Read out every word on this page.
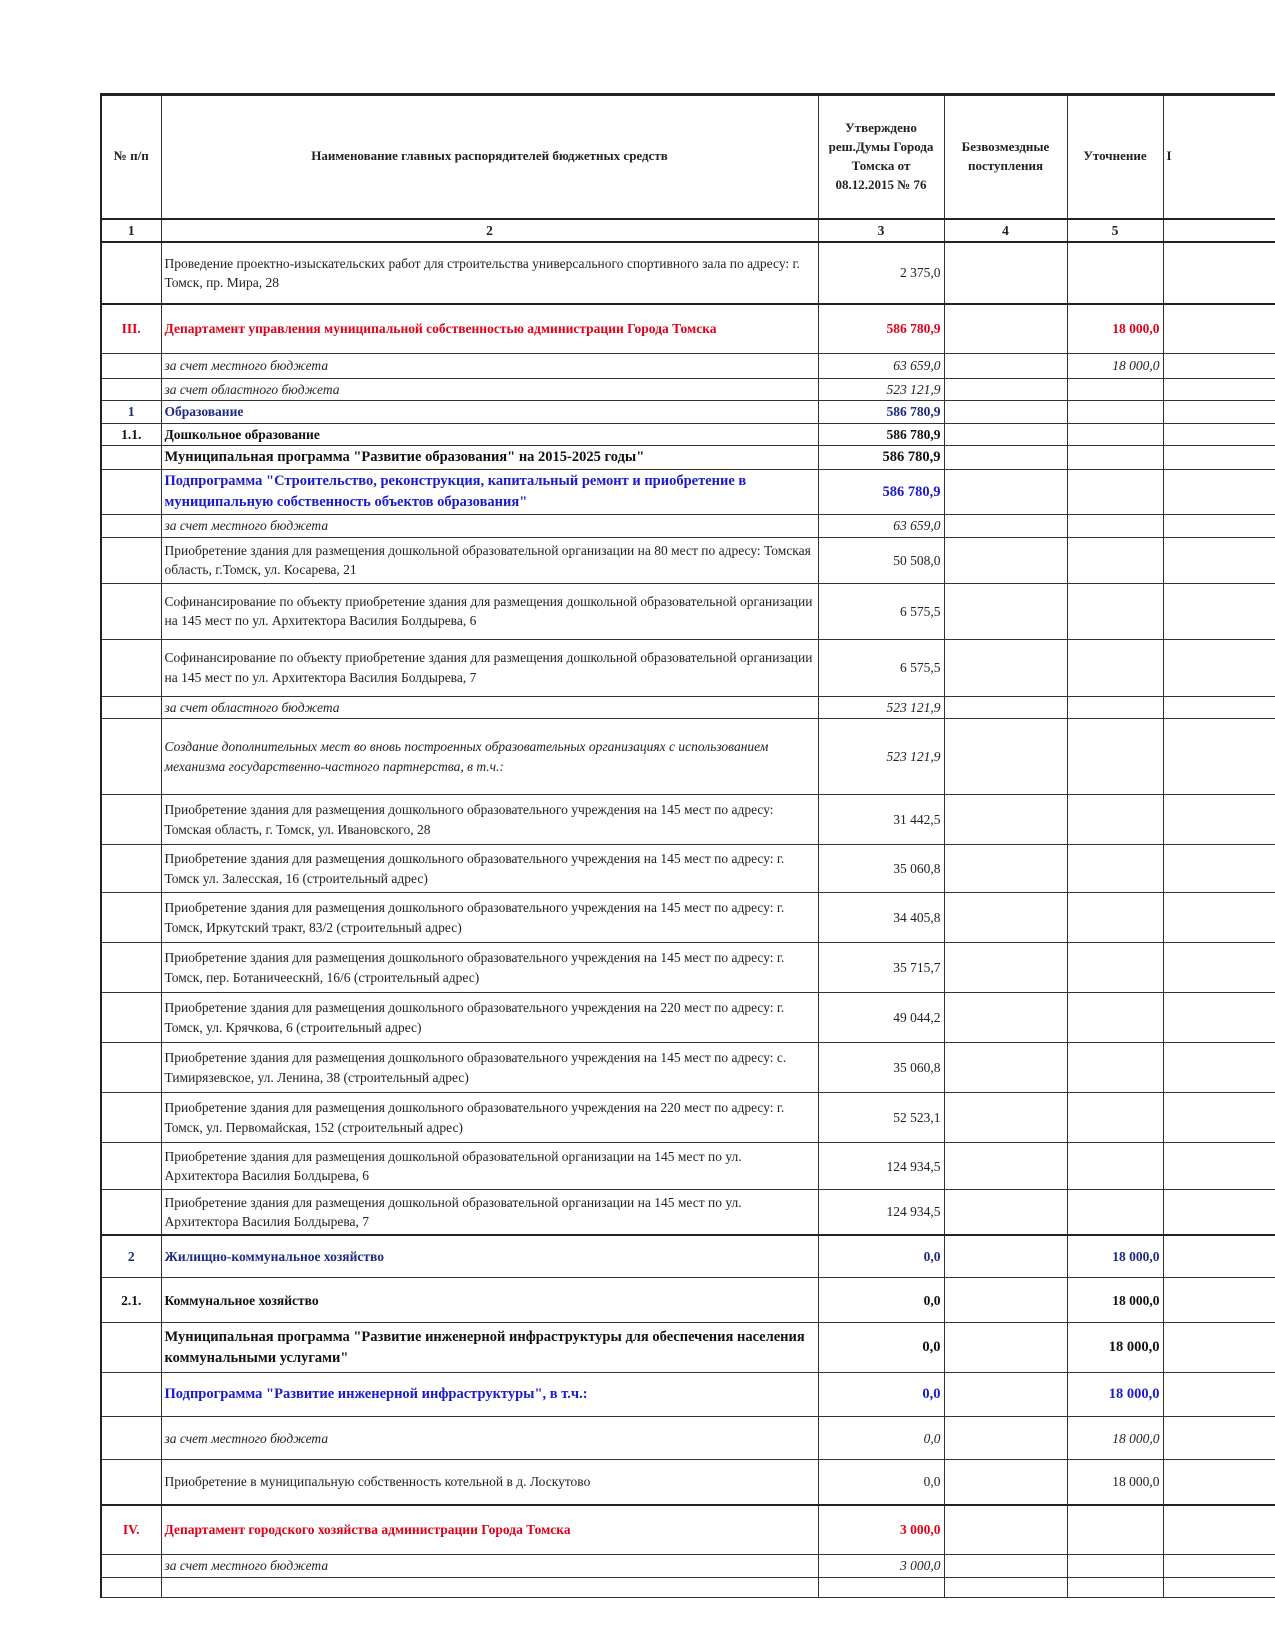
№ п/п	Наименование главных распорядителей бюджетных средств	Утверждено реш.Думы Города Томска от 08.12.2015 № 76	Безвозмездные поступления	Уточнение	I
1	2	3	4	5	
	Проведение проектно-изыскательских работ для строительства универсального спортивного зала по адресу: г. Томск, пр. Мира, 28	2 375,0			
III.	Департамент управления муниципальной собственностью администрации Города Томска	586 780,9		18 000,0	
	за счет местного бюджета	63 659,0		18 000,0	
	за счет областного бюджета	523 121,9			
1	Образование	586 780,9			
1.1.	Дошкольное образование	586 780,9			
	Муниципальная программа "Развитие образования" на 2015-2025 годы"	586 780,9			
	Подпрограмма "Строительство, реконструкция, капитальный ремонт и приобретение в муниципальную собственность объектов образования"	586 780,9			
	за счет местного бюджета	63 659,0			
	Приобретение здания для размещения дошкольной образовательной организации на 80 мест по адресу: Томская область, г.Томск, ул. Косарева, 21	50 508,0			
	Софинансирование по объекту приобретение здания для размещения дошкольной образовательной организации на 145 мест по ул. Архитектора Василия Болдырева, 6	6 575,5			
	Софинансирование по объекту приобретение здания для размещения дошкольной образовательной организации на 145 мест по ул. Архитектора Василия Болдырева, 7	6 575,5			
	за счет областного бюджета	523 121,9			
	Создание дополнительных мест во вновь построенных образовательных организациях с использованием механизма государственно-частного партнерства, в т.ч.:	523 121,9			
	Приобретение здания для размещения дошкольного образовательного учреждения на 145 мест по адресу: Томская область, г. Томск, ул. Ивановского, 28	31 442,5			
	Приобретение здания для размещения дошкольного образовательного учреждения на 145 мест по адресу: г. Томск ул. Залесская, 16 (строительный адрес)	35 060,8			
	Приобретение здания для размещения дошкольного образовательного учреждения на 145 мест по адресу: г. Томск, Иркутский тракт, 83/2 (строительный адрес)	34 405,8			
	Приобретение здания для размещения дошкольного образовательного учреждения на 145 мест по адресу: г. Томск, пер. Ботаничеескнй, 16/6 (строительный адрес)	35 715,7			
	Приобретение здания для размещения дошкольного образовательного учреждения на 220 мест по адресу: г. Томск, ул. Крячкова, 6 (строительный адрес)	49 044,2			
	Приобретение здания для размещения дошкольного образовательного учреждения на 145 мест по адресу: с. Тимирязевское, ул. Ленина, 38 (строительный адрес)	35 060,8			
	Приобретение здания для размещения дошкольного образовательного учреждения на 220 мест по адресу: г. Томск, ул. Первомайская, 152 (строительный адрес)	52 523,1			
	Приобретение здания для размещения дошкольной образовательной организации на 145 мест по ул. Архитектора Василия Болдырева, 6	124 934,5			
	Приобретение здания для размещения дошкольной образовательной организации на 145 мест по ул. Архитектора Василия Болдырева, 7	124 934,5			
2	Жилищно-коммунальное хозяйство	0,0		18 000,0	
2.1.	Коммунальное хозяйство	0,0		18 000,0	
	Муниципальная программа "Развитие инженерной инфраструктуры для обеспечения населения коммунальными услугами"	0,0		18 000,0	
	Подпрограмма "Развитие инженерной инфраструктуры", в т.ч.:	0,0		18 000,0	
	за счет местного бюджета	0,0		18 000,0	
	Приобретение в муниципальную собственность котельной в д. Лоскутово	0,0		18 000,0	
IV.	Департамент городского хозяйства администрации Города Томска	3 000,0			
	за счет местного бюджета	3 000,0			
